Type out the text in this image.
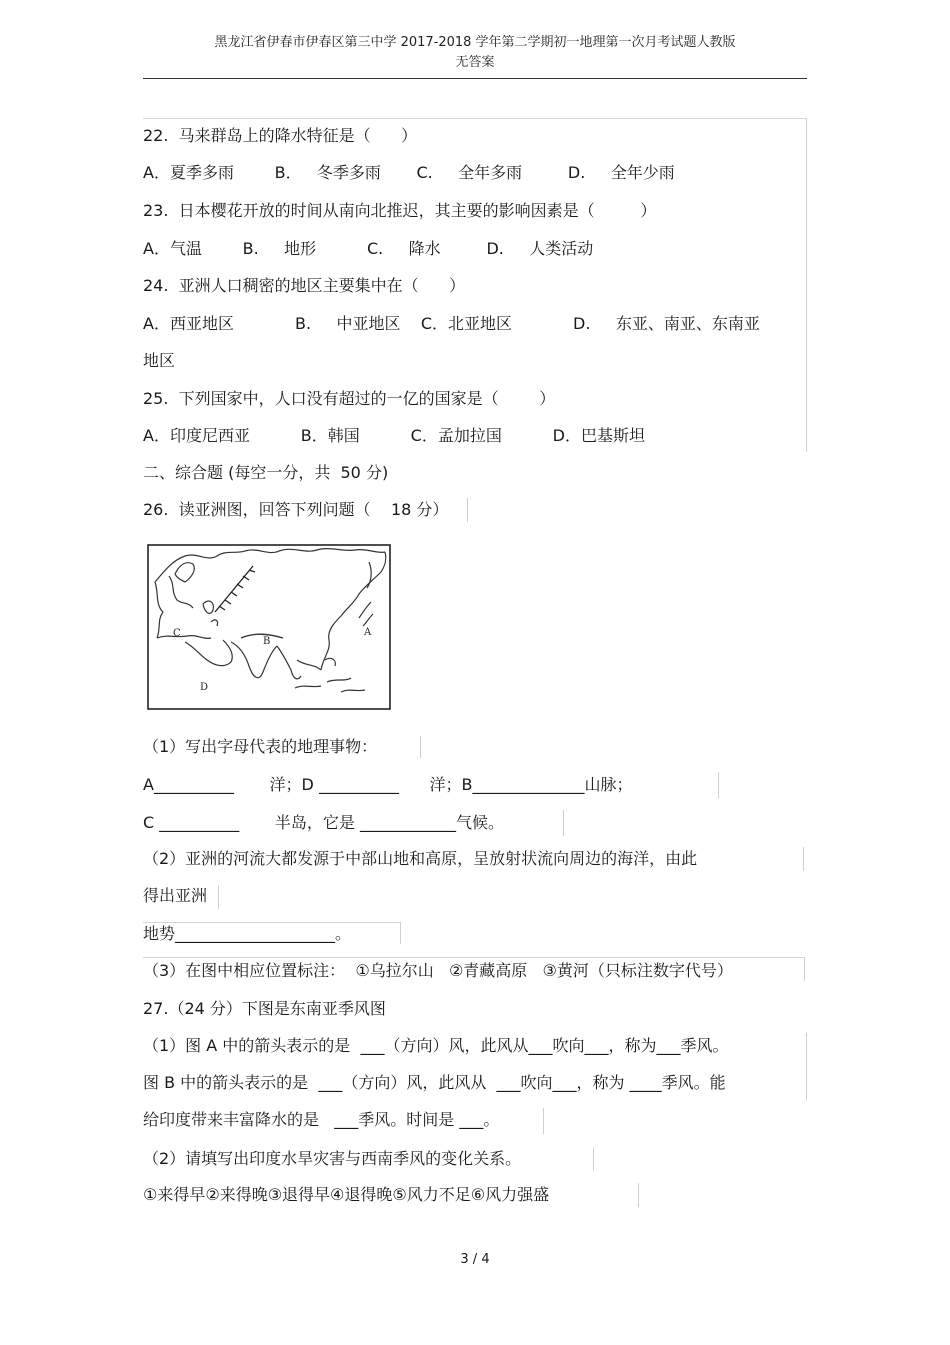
黑龙江省伊春市伊春区第三中学 2017-2018 学年第二学期初一地理第一次月考试题人教版
无答案
22.  马来群岛上的降水特征是（      ）
A．夏季多雨        B．   冬季多雨       C.     全年多雨         D.     全年少雨
23.  日本樱花开放的时间从南向北推迟，其主要的影响因素是（         ）
A．气温        B.     地形          C.     降水         D.     人类活动
24.  亚洲人口稠密的地区主要集中在（      ）
A．西亚地区            B.     中亚地区    C．北亚地区            D.     东亚、南亚、东南亚
地区
25.  下列国家中，人口没有超过的一亿的国家是（        ）
A．印度尼西亚          B．韩国          C．孟加拉国          D．巴基斯坦
二、综合题 (每空一分，共  50 分)
26.  读亚洲图，回答下列问题（    18 分）
A
B
C
D
（1）写出字母代表的地理事物：
A__________       洋；D __________      洋；B______________山脉；
C __________       半岛，它是 ____________气候。
（2）亚洲的河流大都发源于中部山地和高原，呈放射状流向周边的海洋，由此
得出亚洲
地势____________________。
（3）在图中相应位置标注：  ①乌拉尔山   ②青藏高原   ③黄河（只标注数字代号）
27.（24 分）下图是东南亚季风图
（1）图 A 中的箭头表示的是  ___（方向）风，此风从___吹向___，称为___季风。
图 B 中的箭头表示的是  ___（方向）风，此风从  ___吹向___，称为 ____季风。能
给印度带来丰富降水的是   ___季风。时间是 ___。
（2）请填写出印度水旱灾害与西南季风的变化关系。
①来得早②来得晚③退得早④退得晚⑤风力不足⑥风力强盛
3 / 4
